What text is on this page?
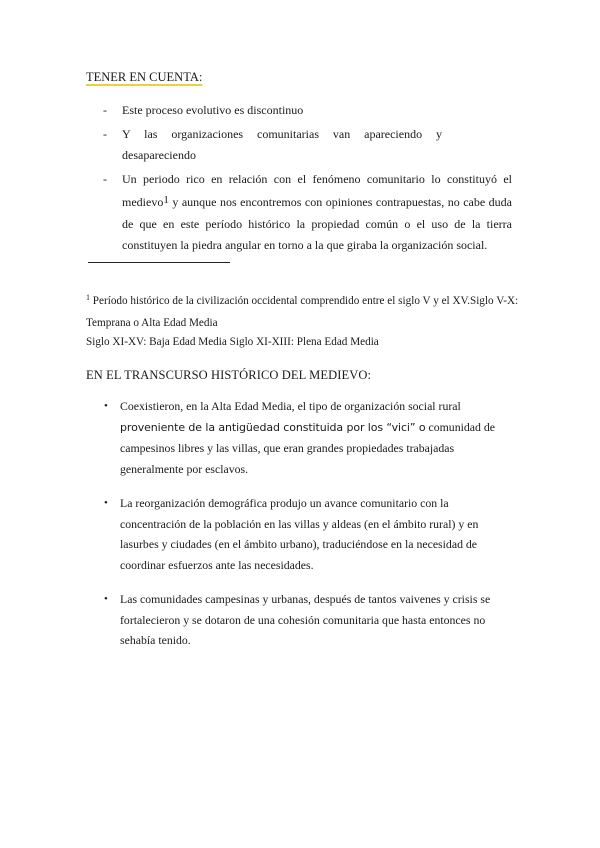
TENER EN CUENTA:
- Este proceso evolutivo es discontinuo
- Y las organizaciones comunitarias van apareciendo y desapareciendo
- Un periodo rico en relación con el fenómeno comunitario lo constituyó el medievo1 y aunque nos encontremos con opiniones contrapuestas, no cabe duda de que en este período histórico la propiedad común o el uso de la tierra constituyen la piedra angular en torno a la que giraba la organización social.
$^1$ Período histórico de la civilización occidental comprendido entre el siglo V y el XV.Siglo V-X: Temprana o Alta Edad Media
Siglo XI-XV: Baja Edad Media Siglo XI-XIII: Plena Edad Media
EN EL TRANSCURSO HISTÓRICO DEL MEDIEVO:
• Coexistieron, en la Alta Edad Media, el tipo de organización social rural proveniente de la antigüedad constituida por los “vici” o comunidad de campesinos libres y las villas, que eran grandes propiedades trabajadas generalmente por esclavos.
• La reorganización demográfica produjo un avance comunitario con la concentración de la población en las villas y aldeas (en el ámbito rural) y en lasurbes y ciudades (en el ámbito urbano), traduciéndose en la necesidad de coordinar esfuerzos ante las necesidades.
• Las comunidades campesinas y urbanas, después de tantos vaivenes y crisis se fortalecieron y se dotaron de una cohesión comunitaria que hasta entonces no sehabía tenido.
